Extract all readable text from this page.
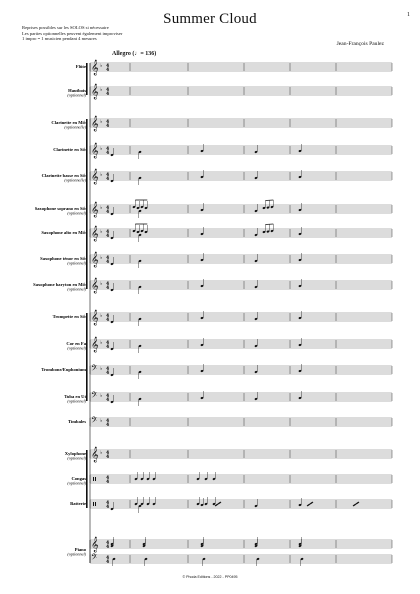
1
Summer Cloud
Reprises possibles sur les SOLOS si nécessaire
Les parties optionnelles peuvent également improviser
1 impro = 1 musicien pendant 4 mesures
Jean-François Paulez
Allegro (♩= 136)
𝄞 ♭ 4
4
Flûte
𝄞 ♭ 4
4
Hautbois
(optionnel)
𝄞 ♭ 4
4
Clarinette en Mi♭
(optionnelle)
𝄞 ♭ 4
4
Clarinette en Si♭
𝄞 ♭ 4
4
Clarinette basse en Si♭
(optionnelle)
𝄞 ♭ 4
4
Saxophone soprano en Si♭
(optionnel)
𝄞 ♭ 4
4
Saxophone alto en Mi♭
𝄞 ♭ 4
4
Saxophone ténor en Si♭
(optionnel)
𝄞 ♭ 4
4
Saxophone baryton en Mi♭
(optionnel)
𝄞 ♭ 4
4
Trompette en Si♭
𝄞 ♭ 4
4
Cor en Fa
(optionnel)
𝄢 ♭ 4
4
Trombone/Euphonium
𝄢 ♭ 4
4
Tuba en Ut
(optionnel)
𝄢 ♭ 4
4
Timbales
𝄞 ♭ 4
4
Xylophone
(optionnel)
4
4
Congas
(optionnel)
4
4
Batterie
𝄞 4
4
𝄢 4
4
Piano
(optionnel)
© Phoda Editions - 2022 - PP0495
